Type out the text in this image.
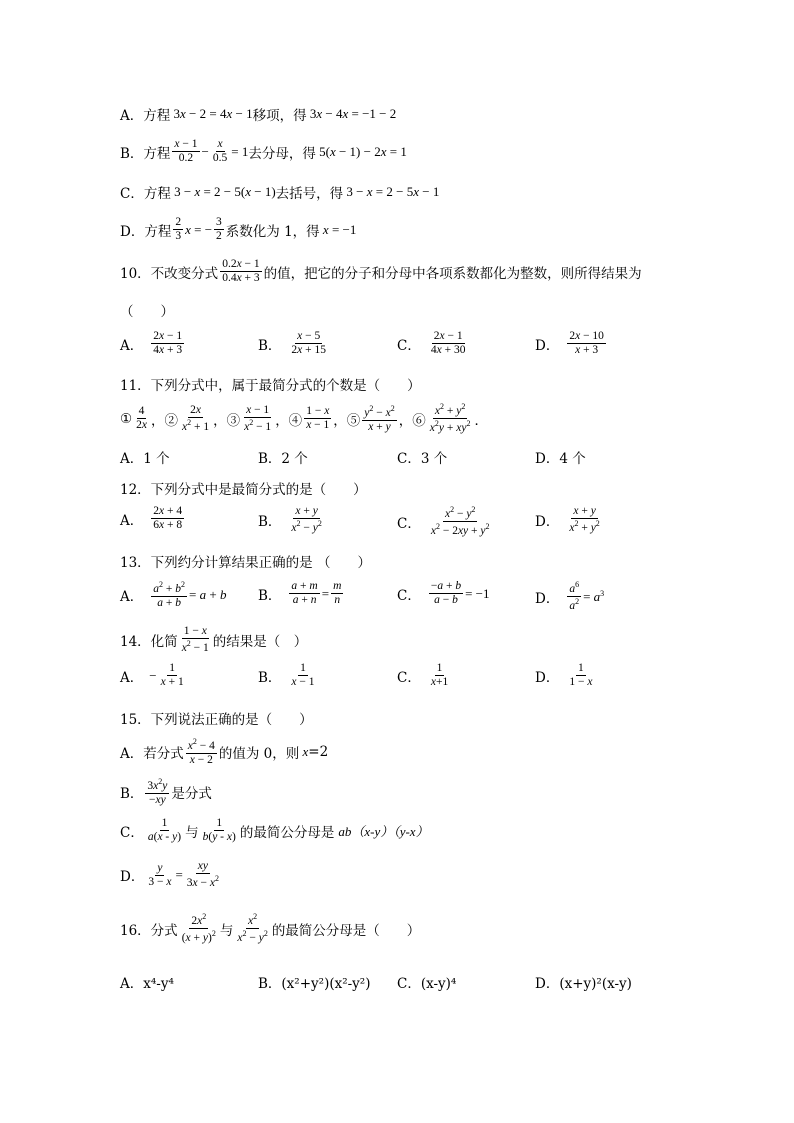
A． 方程 3x − 2 = 4x − 1 移项，得 3x − 4x = −1 − 2
B． 方程 $\frac{x - 1}{0.2} - \frac{x}{0.5} = 1$ 去分母，得 5(x − 1) − 2x = 1
C． 方程 3 − x = 2 − 5(x − 1) 去括号，得 3 − x = 2 − 5x − 1
D． 方程 $\frac{2}{3}$ x = − $\frac{3}{2}$ 系数化为 1，得 x = −1
10．不改变分式 $\frac{0.2x - 1}{0.4x + 3}$ 的值，把它的分子和分母中各项系数都化为整数，则所得结果为
（　　）
A． $\frac{2x - 1}{4x + 3}$	B． $\frac{x - 5}{2x + 15}$	C． $\frac{2x - 1}{4x + 30}$	D． $\frac{2x - 10}{x + 3}$
11．下列分式中，属于最简分式的个数是（　　）
① $\frac{4}{2x}$ ，② $\frac{2x}{x^2 + 1}$ ，③ $\frac{x - 1}{x^2 - 1}$ ，④ $\frac{1 - x}{x - 1}$ ，⑤ $\frac{y^2 - x^2}{x + y}$ ，⑥ $\frac{x^2 + y^2}{x^2y + xy^2}$ ．
A．1 个	B．2 个	C．3 个	D．4 个
12．下列分式中是最简分式的是（　　）
A． $\frac{2x + 4}{6x + 8}$	B． $\frac{x + y}{x^2 - y^2}$	C． $\frac{x^2 - y^2}{x^2 - 2xy + y^2}$	D． $\frac{x + y}{x^2 + y^2}$
13．下列约分计算结果正确的是 （　　）
A． $\frac{a^2 + b^2}{a + b} = a + b$ B． $\frac{a + m}{a + n} = \frac{m}{n}$	C． $\frac{-a + b}{a - b} = -1$	D． $\frac{a^6}{a^2} = a^3$
14．化简 $\frac{1 - x}{x^2 - 1}$ 的结果是（　）
A． − $\frac{1}{x + 1}$	B． $\frac{1}{x - 1}$	C． $\frac{1}{x+1}$	D． $\frac{1}{1 - x}$
15．下列说法正确的是（　　）
A． 若分式 $\frac{x^2 - 4}{x - 2}$ 的值为 0，则 x =2
B． $\frac{3x^2y}{-xy}$ 是分式
C． $\frac{1}{a(x - y)}$ 与 $\frac{1}{b(y - x)}$ 的最简公分母是 ab（x-y）（y-x）
D． $\frac{y}{3 - x} = \frac{xy}{3x - x^2}$
16．分式 $\frac{2x^2}{(x + y)^2}$ 与 $\frac{x^2}{x^2 - y^2}$ 的最简公分母是（　　）
A．x⁴-y⁴	B．(x²+y²)(x²-y²) C．(x-y)⁴	D．(x+y)²(x-y)
